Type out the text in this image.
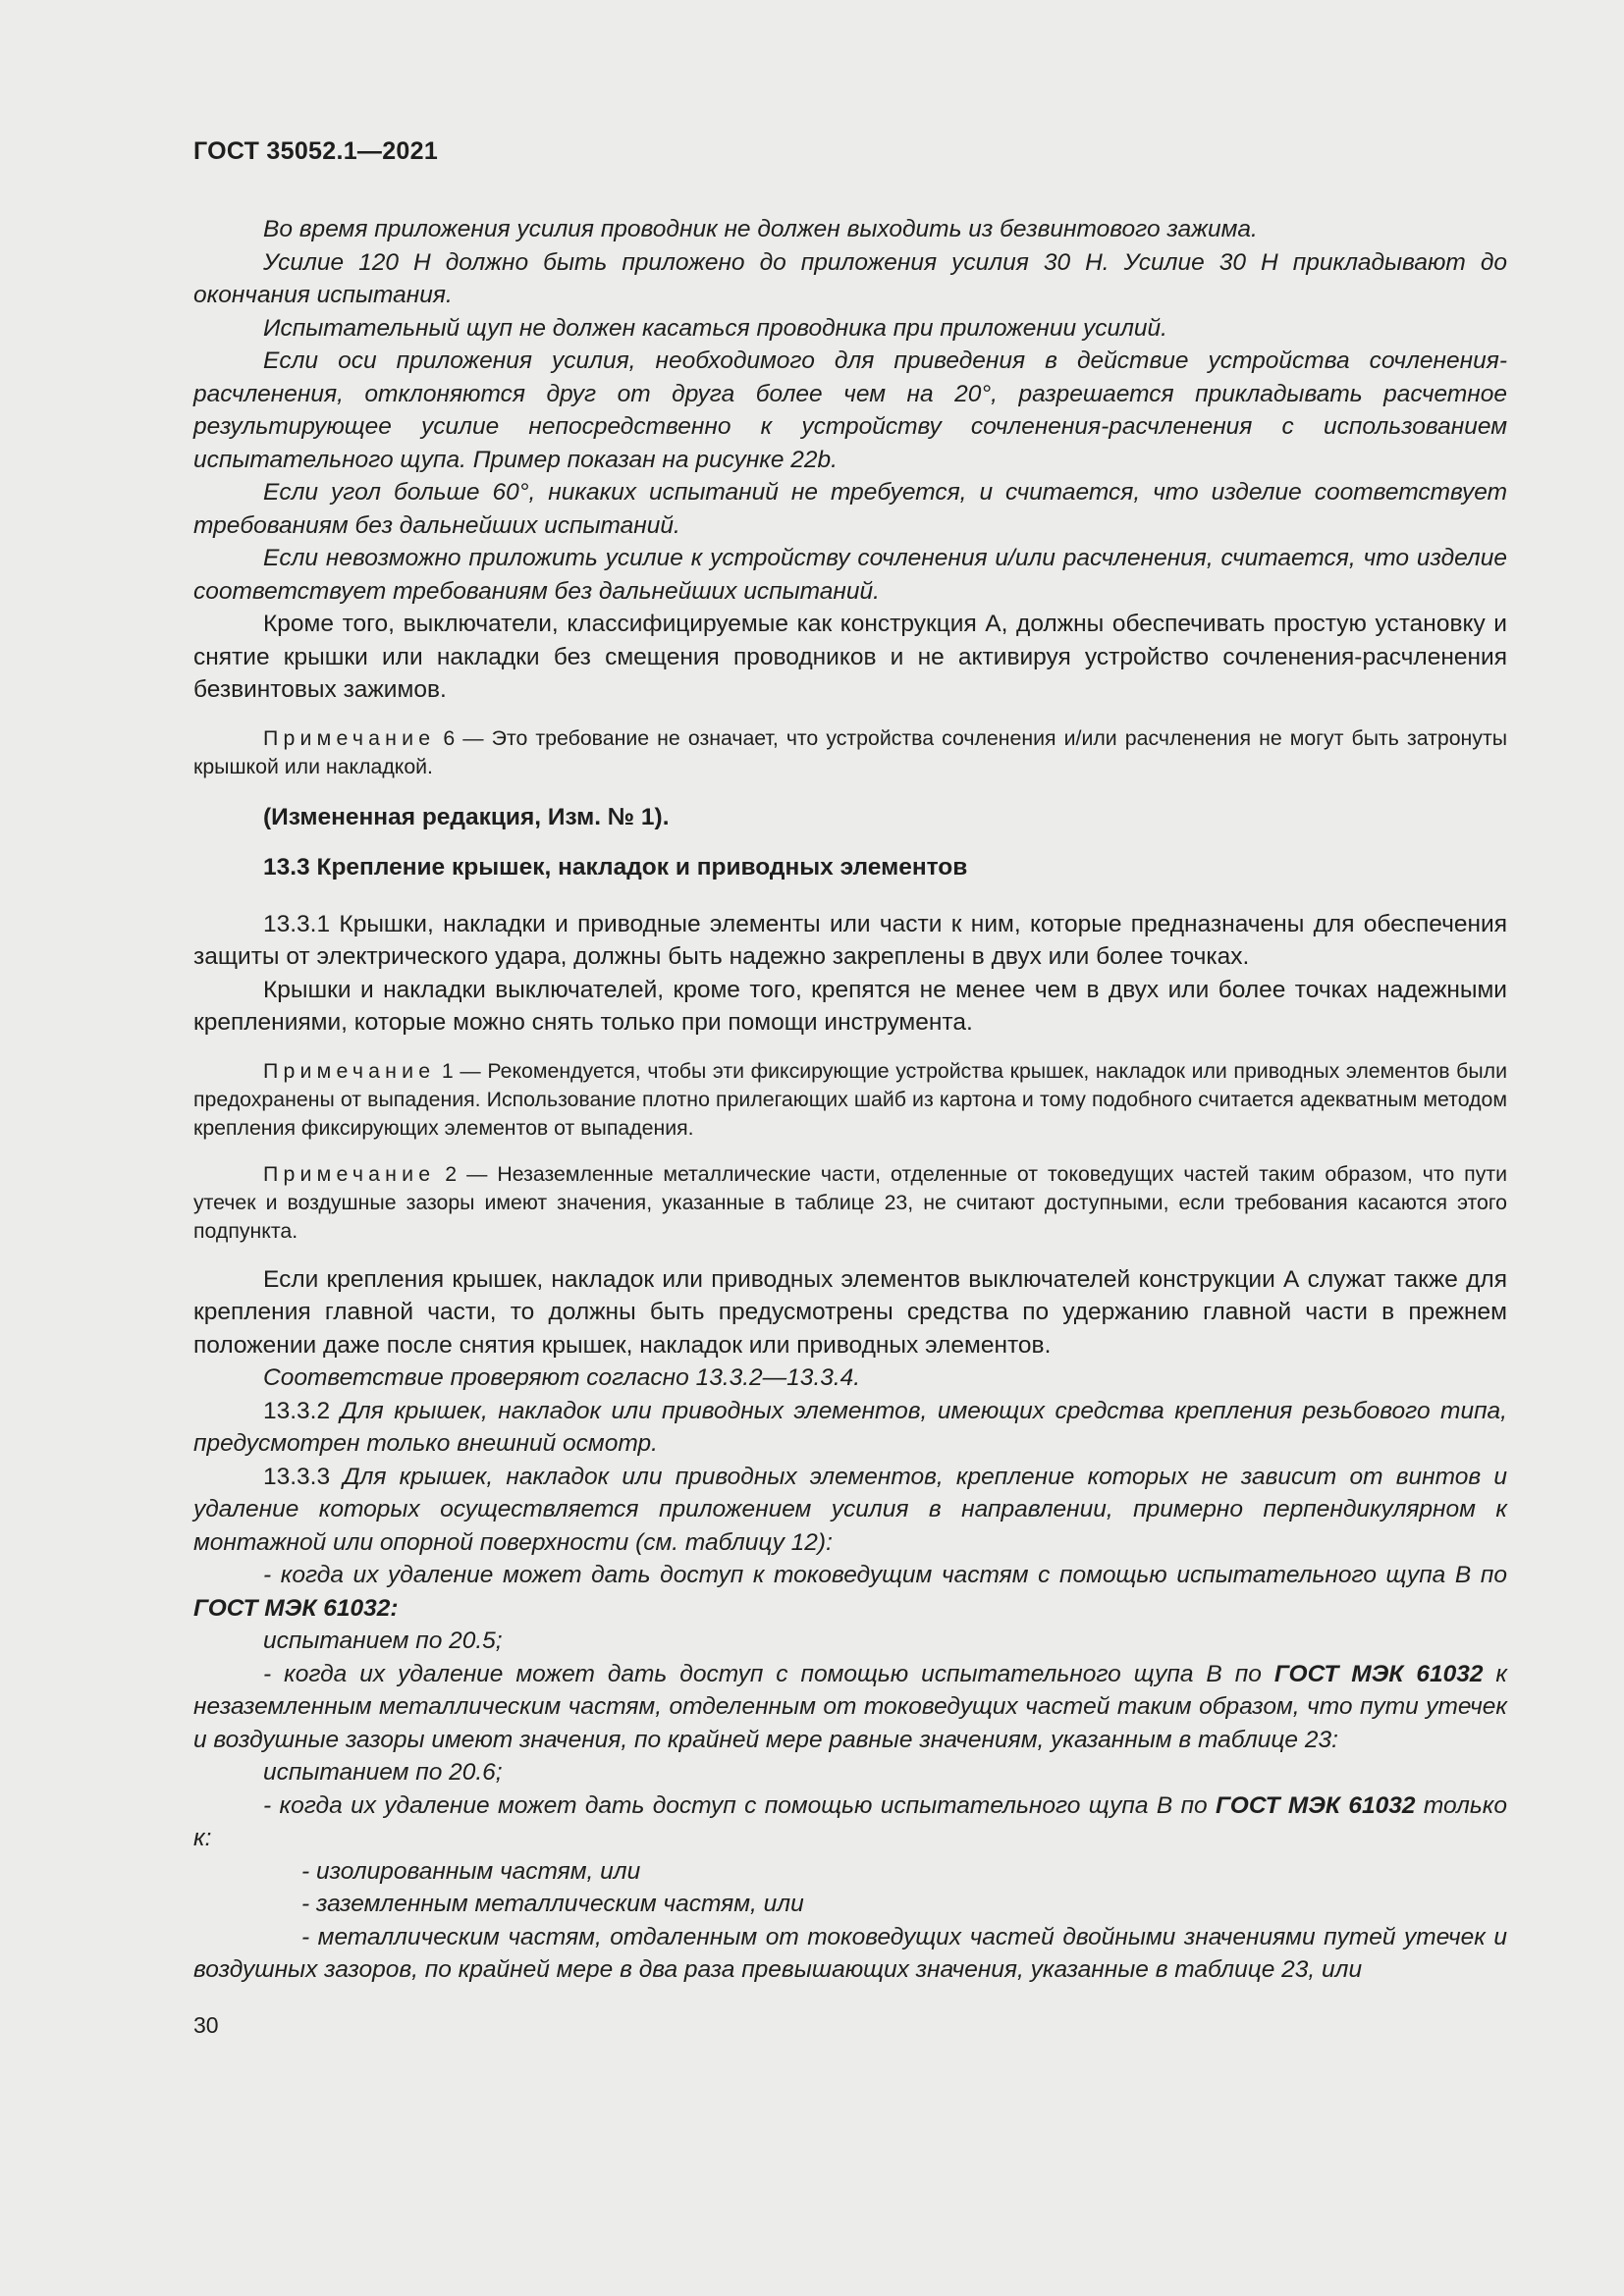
ГОСТ 35052.1—2021

Во время приложения усилия проводник не должен выходить из безвинтового зажима.

Усилие 120 Н должно быть приложено до приложения усилия 30 Н. Усилие 30 Н прикладывают до окончания испытания.

Испытательный щуп не должен касаться проводника при приложении усилий.

Если оси приложения усилия, необходимого для приведения в действие устройства сочленения-расчленения, отклоняются друг от друга более чем на 20°, разрешается прикладывать расчетное результирующее усилие непосредственно к устройству сочленения-расчленения с использованием испытательного щупа. Пример показан на рисунке 22b.

Если угол больше 60°, никаких испытаний не требуется, и считается, что изделие соответствует требованиям без дальнейших испытаний.

Если невозможно приложить усилие к устройству сочленения и/или расчленения, считается, что изделие соответствует требованиям без дальнейших испытаний.

Кроме того, выключатели, классифицируемые как конструкция А, должны обеспечивать простую установку и снятие крышки или накладки без смещения проводников и не активируя устройство сочленения-расчленения безвинтовых зажимов.

Примечание 6 — Это требование не означает, что устройства сочленения и/или расчленения не могут быть затронуты крышкой или накладкой.

(Измененная редакция, Изм. № 1).

13.3 Крепление крышек, накладок и приводных элементов

13.3.1 Крышки, накладки и приводные элементы или части к ним, которые предназначены для обеспечения защиты от электрического удара, должны быть надежно закреплены в двух или более точках.

Крышки и накладки выключателей, кроме того, крепятся не менее чем в двух или более точках надежными креплениями, которые можно снять только при помощи инструмента.

Примечание 1 — Рекомендуется, чтобы эти фиксирующие устройства крышек, накладок или приводных элементов были предохранены от выпадения. Использование плотно прилегающих шайб из картона и тому подобного считается адекватным методом крепления фиксирующих элементов от выпадения.

Примечание 2 — Незаземленные металлические части, отделенные от токоведущих частей таким образом, что пути утечек и воздушные зазоры имеют значения, указанные в таблице 23, не считают доступными, если требования касаются этого подпункта.

Если крепления крышек, накладок или приводных элементов выключателей конструкции А служат также для крепления главной части, то должны быть предусмотрены средства по удержанию главной части в прежнем положении даже после снятия крышек, накладок или приводных элементов.

Соответствие проверяют согласно 13.3.2—13.3.4.

13.3.2 Для крышек, накладок или приводных элементов, имеющих средства крепления резьбового типа, предусмотрен только внешний осмотр.

13.3.3 Для крышек, накладок или приводных элементов, крепление которых не зависит от винтов и удаление которых осуществляется приложением усилия в направлении, примерно перпендикулярном к монтажной или опорной поверхности (см. таблицу 12):

- когда их удаление может дать доступ к токоведущим частям с помощью испытательного щупа В по ГОСТ МЭК 61032:

испытанием по 20.5;

- когда их удаление может дать доступ с помощью испытательного щупа В по ГОСТ МЭК 61032 к незаземленным металлическим частям, отделенным от токоведущих частей таким образом, что пути утечек и воздушные зазоры имеют значения, по крайней мере равные значениям, указанным в таблице 23:

испытанием по 20.6;

- когда их удаление может дать доступ с помощью испытательного щупа В по ГОСТ МЭК 61032 только к:

- изолированным частям, или

- заземленным металлическим частям, или

- металлическим частям, отдаленным от токоведущих частей двойными значениями путей утечек и воздушных зазоров, по крайней мере в два раза превышающих значения, указанные в таблице 23, или

30
